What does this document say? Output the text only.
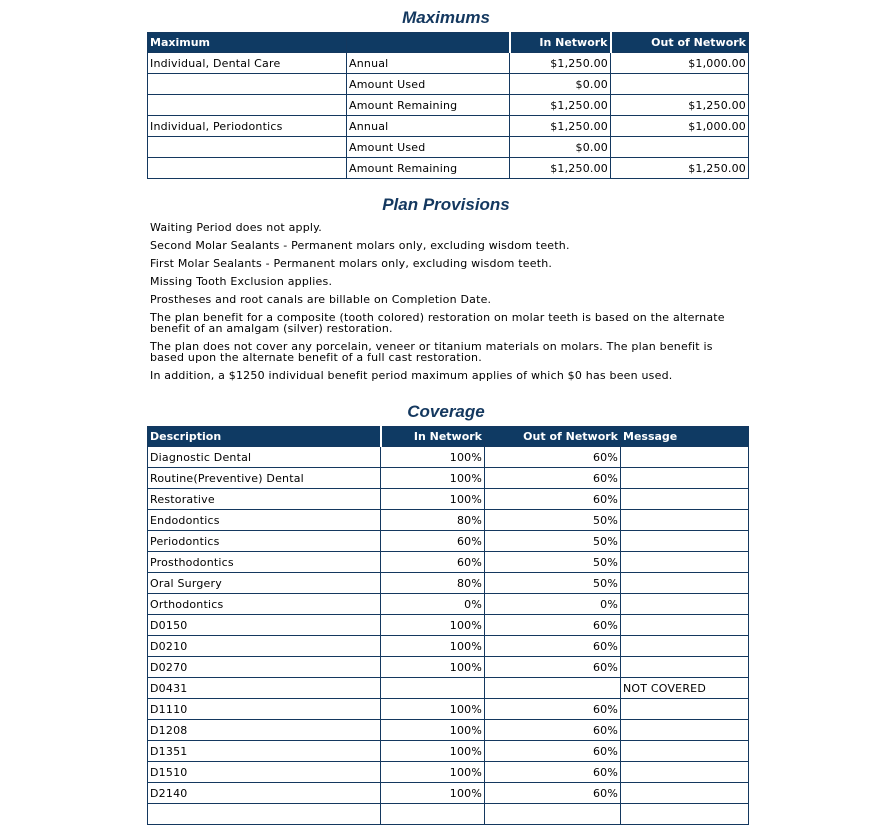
Maximums
Maximum		In Network	Out of Network
Individual, Dental Care	Annual	$1,250.00	$1,000.00
	Amount Used	$0.00	
	Amount Remaining	$1,250.00	$1,250.00
Individual, Periodontics	Annual	$1,250.00	$1,000.00
	Amount Used	$0.00	
	Amount Remaining	$1,250.00	$1,250.00
Plan Provisions
Waiting Period does not apply.
Second Molar Sealants - Permanent molars only, excluding wisdom teeth.
First Molar Sealants - Permanent molars only, excluding wisdom teeth.
Missing Tooth Exclusion applies.
Prostheses and root canals are billable on Completion Date.
The plan benefit for a composite (tooth colored) restoration on molar teeth is based on the alternate benefit of an amalgam (silver) restoration.
The plan does not cover any porcelain, veneer or titanium materials on molars. The plan benefit is based upon the alternate benefit of a full cast restoration.
In addition, a $1250 individual benefit period maximum applies of which $0 has been used.
Coverage
Description	In Network	Out of Network	Message
Diagnostic Dental	100%	60%	
Routine(Preventive) Dental	100%	60%	
Restorative	100%	60%	
Endodontics	80%	50%	
Periodontics	60%	50%	
Prosthodontics	60%	50%	
Oral Surgery	80%	50%	
Orthodontics	0%	0%	
D0150	100%	60%	
D0210	100%	60%	
D0270	100%	60%	
D0431			NOT COVERED
D1110	100%	60%	
D1208	100%	60%	
D1351	100%	60%	
D1510	100%	60%	
D2140	100%	60%	
